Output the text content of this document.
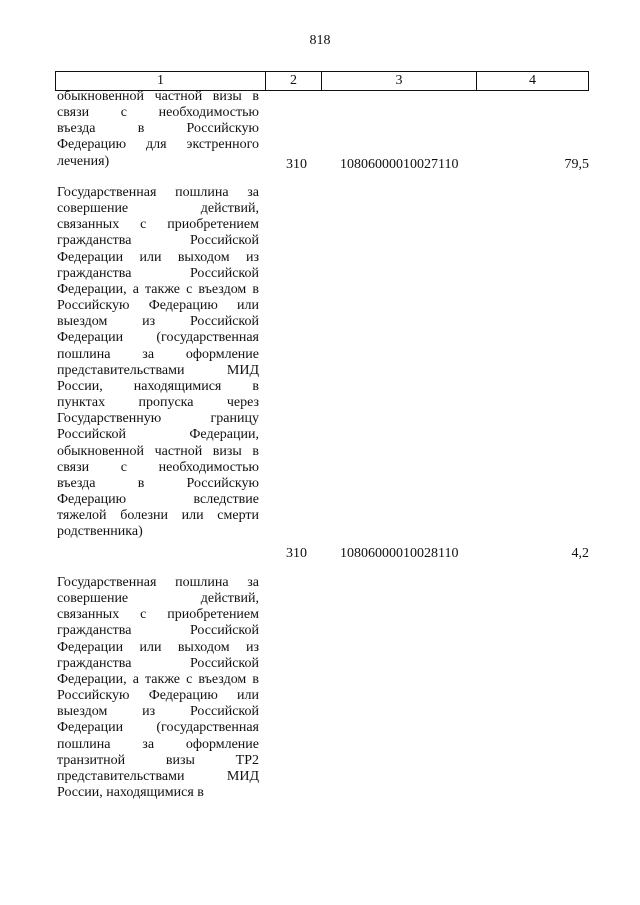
818
1	2	3	4
обыкновенной частной визы в
связи с необходимостью
въезда в Российскую
Федерацию для экстренного
лечения)	310 10806000010027110	79,5
Государственная пошлина за
совершение действий,
связанных с приобретением
гражданства Российской
Федерации или выходом из
гражданства Российской
Федерации, а также с въездом в
Российскую Федерацию или
выездом из Российской
Федерации (государственная
пошлина за оформление
представительствами МИД
России, находящимися в
пунктах пропуска через
Государственную границу
Российской Федерации,
обыкновенной частной визы в
связи с необходимостью
въезда в Российскую
Федерацию вследствие
тяжелой болезни или смерти
родственника)
310 10806000010028110	4,2
Государственная пошлина за
совершение действий,
связанных с приобретением
гражданства Российской
Федерации или выходом из
гражданства Российской
Федерации, а также с въездом в
Российскую Федерацию или
выездом из Российской
Федерации (государственная
пошлина за оформление
транзитной визы ТР2
представительствами МИД
России, находящимися в
